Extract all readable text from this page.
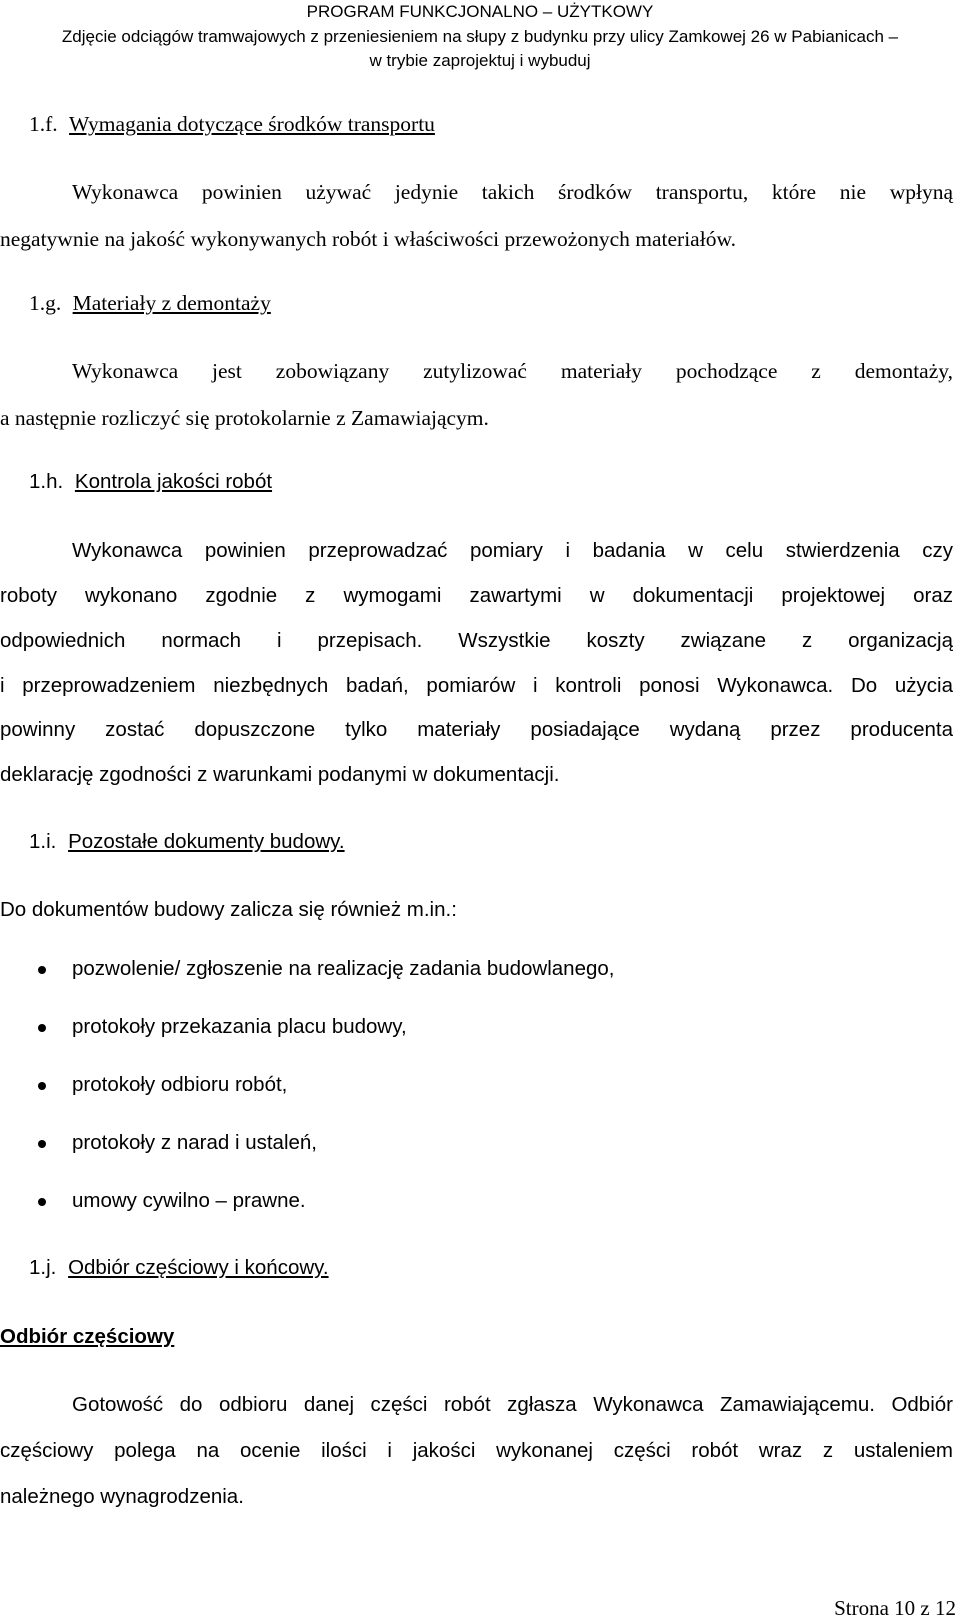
PROGRAM FUNKCJONALNO – UŻYTKOWY
Zdjęcie odciągów tramwajowych z przeniesieniem na słupy z budynku przy ulicy Zamkowej 26 w Pabianicach –
w trybie zaprojektuj i wybuduj
1.f. Wymagania dotyczące środków transportu
Wykonawca powinien używać jedynie takich środków transportu, które nie wpłyną
negatywnie na jakość wykonywanych robót i właściwości przewożonych materiałów.
1.g. Materiały z demontaży
Wykonawca jest zobowiązany zutylizować materiały pochodzące z demontaży,
a następnie rozliczyć się protokolarnie z Zamawiającym.
1.h. Kontrola jakości robót
Wykonawca powinien przeprowadzać pomiary i badania w celu stwierdzenia czy
roboty wykonano zgodnie z wymogami zawartymi w dokumentacji projektowej oraz
odpowiednich normach i przepisach. Wszystkie koszty związane z organizacją
i przeprowadzeniem niezbędnych badań, pomiarów i kontroli ponosi Wykonawca. Do użycia
powinny zostać dopuszczone tylko materiały posiadające wydaną przez producenta
deklarację zgodności z warunkami podanymi w dokumentacji.
1.i. Pozostałe dokumenty budowy.
Do dokumentów budowy zalicza się również m.in.:
pozwolenie/ zgłoszenie na realizację zadania budowlanego,
protokoły przekazania placu budowy,
protokoły odbioru robót,
protokoły z narad i ustaleń,
umowy cywilno – prawne.
1.j. Odbiór częściowy i końcowy.
Odbiór częściowy
Gotowość do odbioru danej części robót zgłasza Wykonawca Zamawiającemu. Odbiór
częściowy polega na ocenie ilości i jakości wykonanej części robót wraz z ustaleniem
należnego wynagrodzenia.
Strona 10 z 12
